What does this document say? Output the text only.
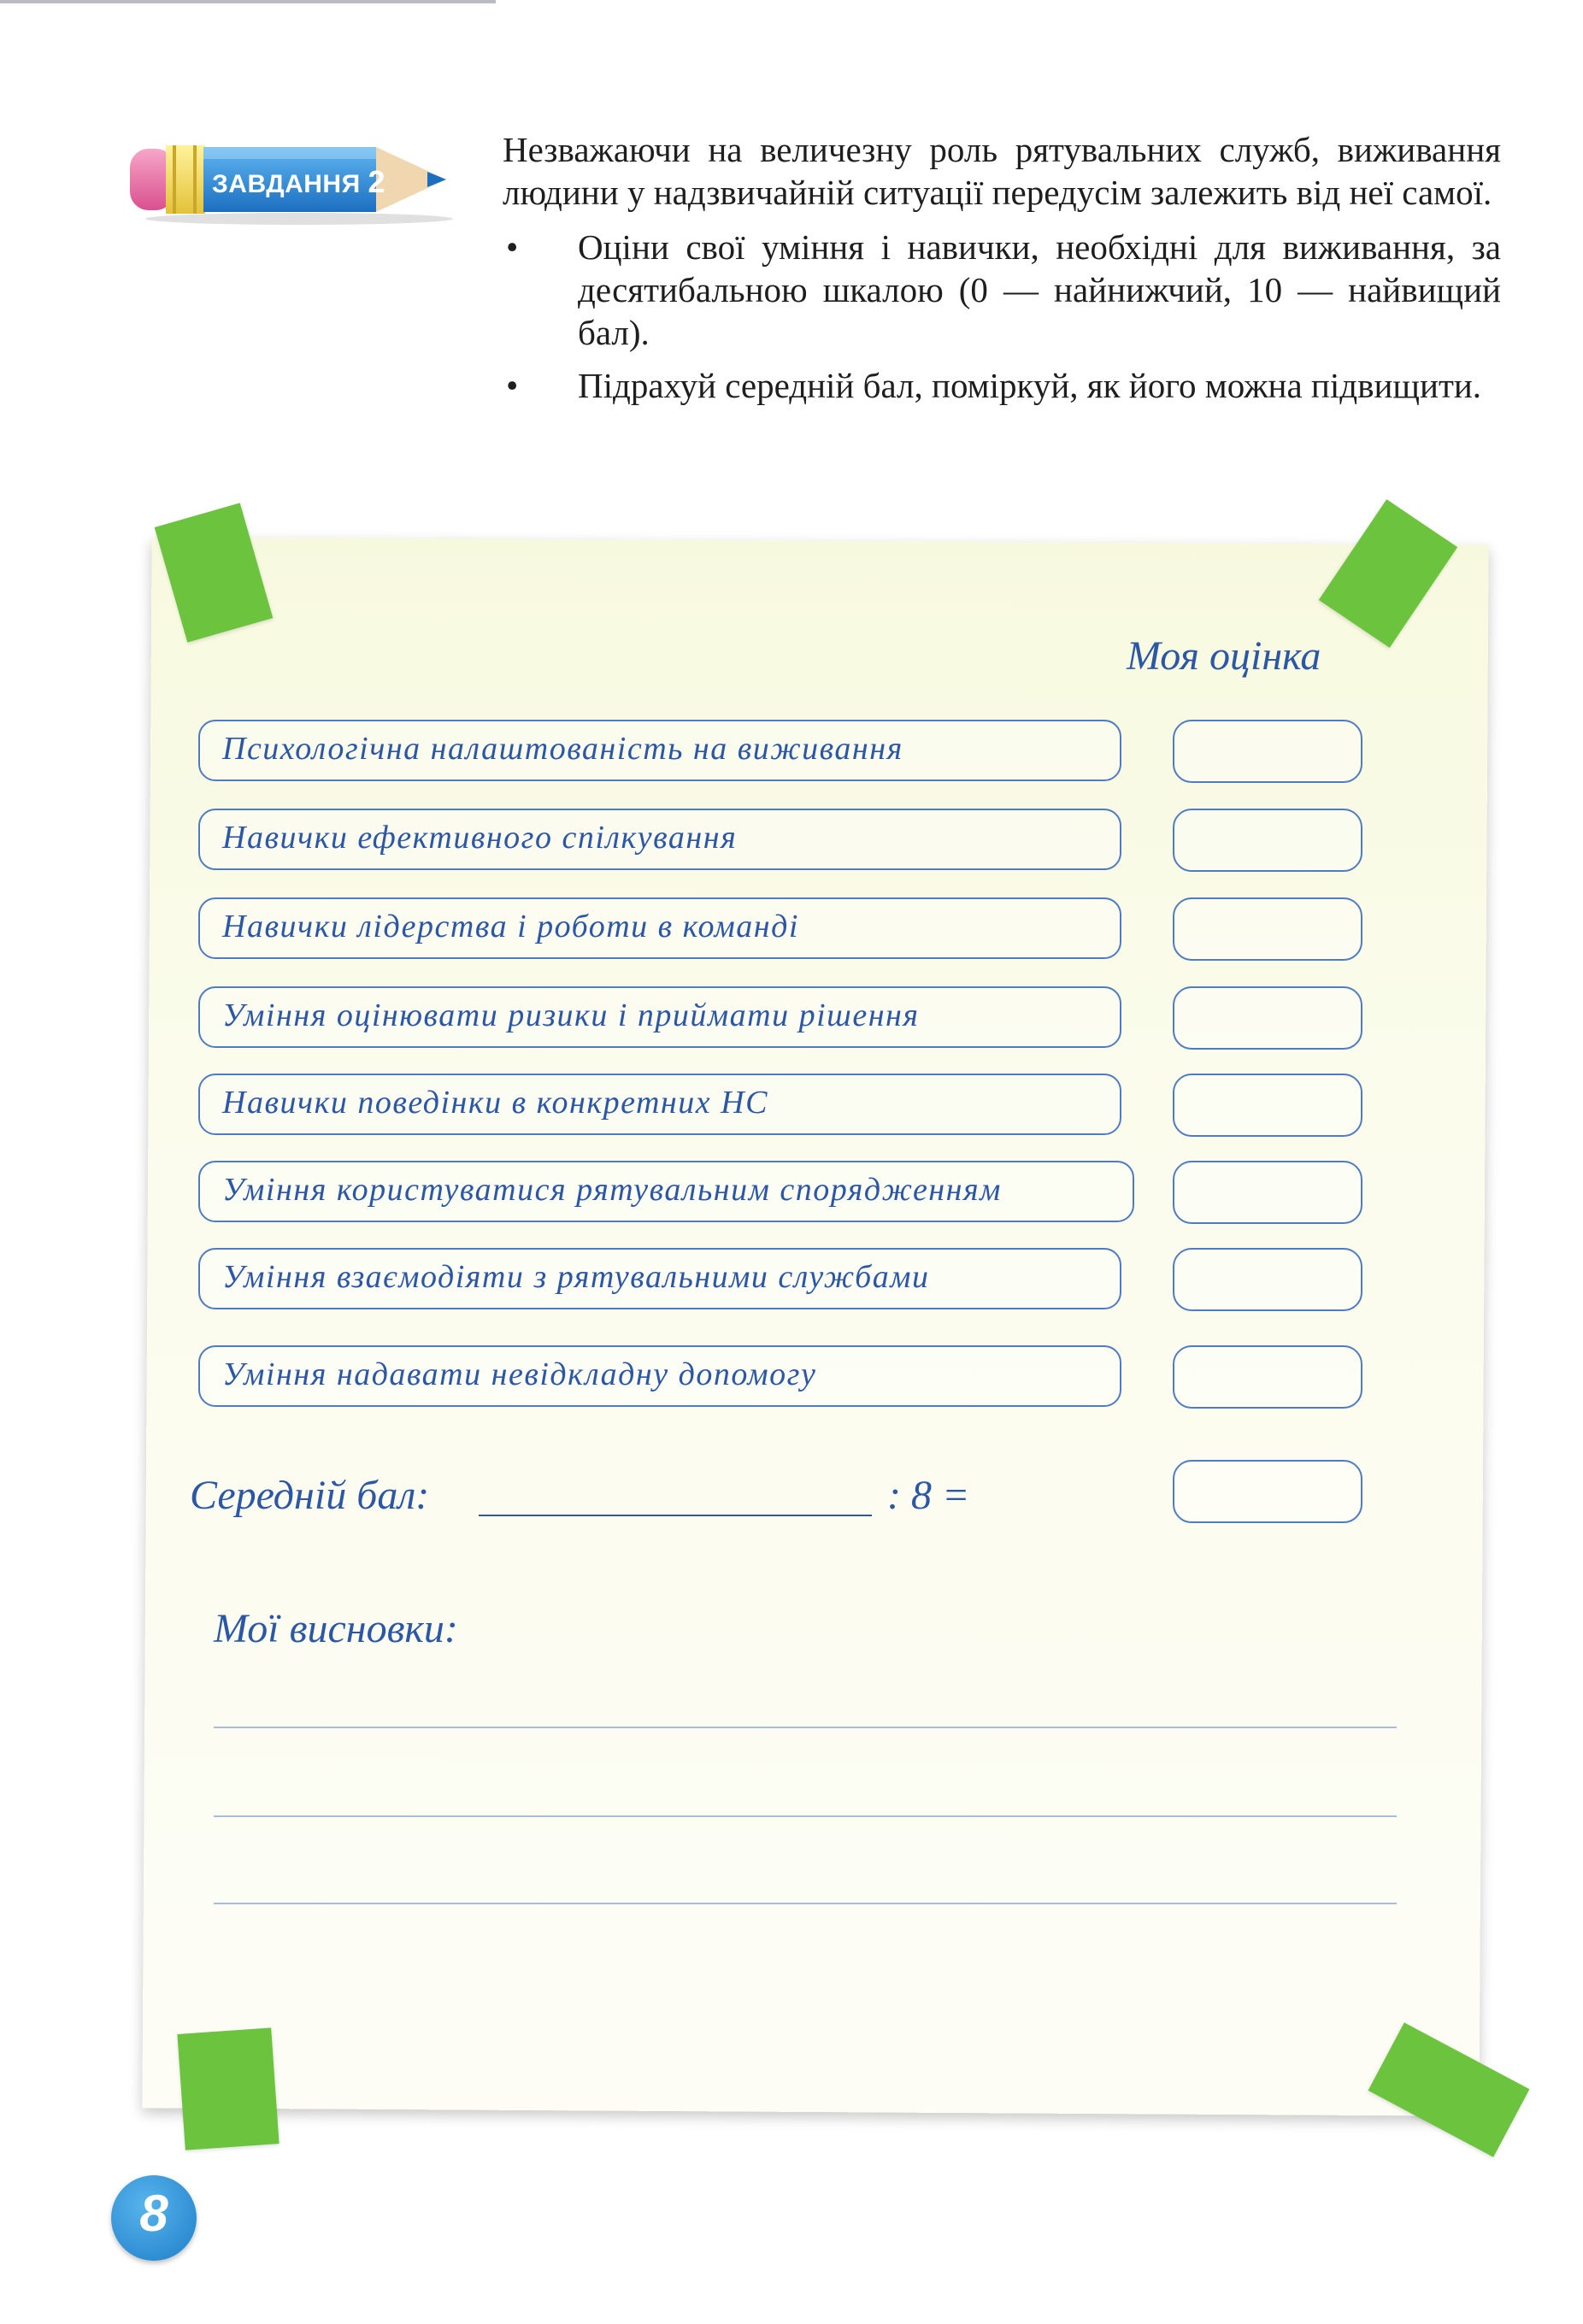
ЗАВДАННЯ 2

Незважаючи на величезну роль рятувальних служб, виживання людини у надзвичайній ситуації передусім залежить від неї самої.

• Оціни свої уміння і навички, необхідні для виживання, за десятибальною шкалою (0 — найнижчий, 10 — найвищий бал).
• Підрахуй середній бал, поміркуй, як його можна підвищити.
Моя оцінка
Психологічна налаштованість на виживання
Навички ефективного спілкування
Навички лідерства і роботи в команді
Уміння оцінювати ризики і приймати рішення
Навички поведінки в конкретних НС
Уміння користуватися рятувальним спорядженням
Уміння взаємодіяти з рятувальними службами
Уміння надавати невідкладну допомогу
Середній бал:	: 8 =
Мої висновки:
8
